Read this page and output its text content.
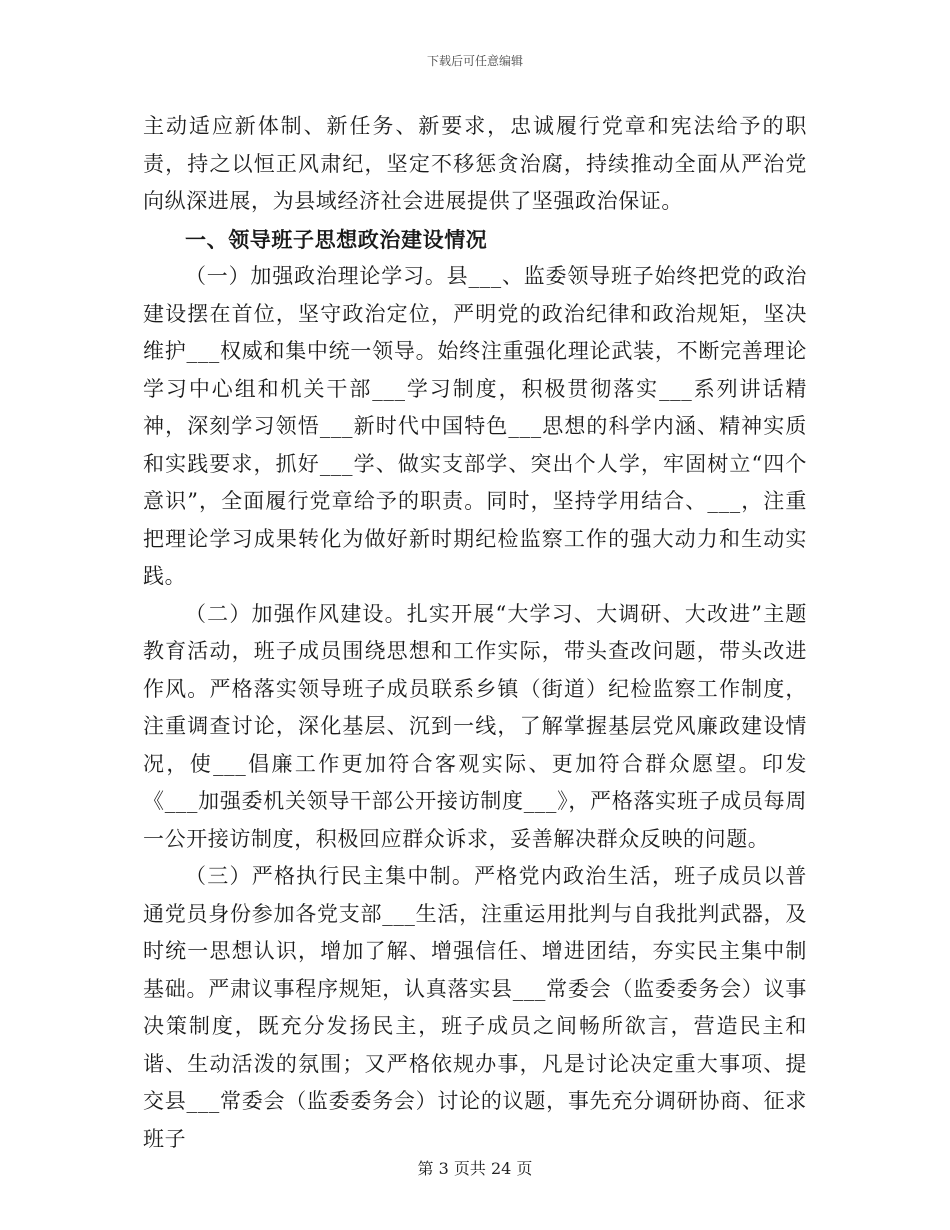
下载后可任意编辑

主动适应新体制、新任务、新要求，忠诚履行党章和宪法给予的职责，持之以恒正风肃纪，坚定不移惩贪治腐，持续推动全面从严治党向纵深进展，为县域经济社会进展提供了坚强政治保证。

一、领导班子思想政治建设情况

（一）加强政治理论学习。县___、监委领导班子始终把党的政治建设摆在首位，坚守政治定位，严明党的政治纪律和政治规矩，坚决维护___权威和集中统一领导。始终注重强化理论武装，不断完善理论学习中心组和机关干部___学习制度，积极贯彻落实___系列讲话精神，深刻学习领悟___新时代中国特色___思想的科学内涵、精神实质和实践要求，抓好___学、做实支部学、突出个人学，牢固树立“四个意识”，全面履行党章给予的职责。同时，坚持学用结合、___，注重把理论学习成果转化为做好新时期纪检监察工作的强大动力和生动实践。

（二）加强作风建设。扎实开展“大学习、大调研、大改进”主题教育活动，班子成员围绕思想和工作实际，带头查改问题，带头改进作风。严格落实领导班子成员联系乡镇（街道）纪检监察工作制度，注重调查讨论，深化基层、沉到一线，了解掌握基层党风廉政建设情况，使___倡廉工作更加符合客观实际、更加符合群众愿望。印发《___加强委机关领导干部公开接访制度___》，严格落实班子成员每周一公开接访制度，积极回应群众诉求，妥善解决群众反映的问题。

（三）严格执行民主集中制。严格党内政治生活，班子成员以普通党员身份参加各党支部___生活，注重运用批判与自我批判武器，及时统一思想认识，增加了解、增强信任、增进团结，夯实民主集中制基础。严肃议事程序规矩，认真落实县___常委会（监委委务会）议事决策制度，既充分发扬民主，班子成员之间畅所欲言，营造民主和谐、生动活泼的氛围；又严格依规办事，凡是讨论决定重大事项、提交县___常委会（监委委务会）讨论的议题，事先充分调研协商、征求班子

第 3 页共 24 页
